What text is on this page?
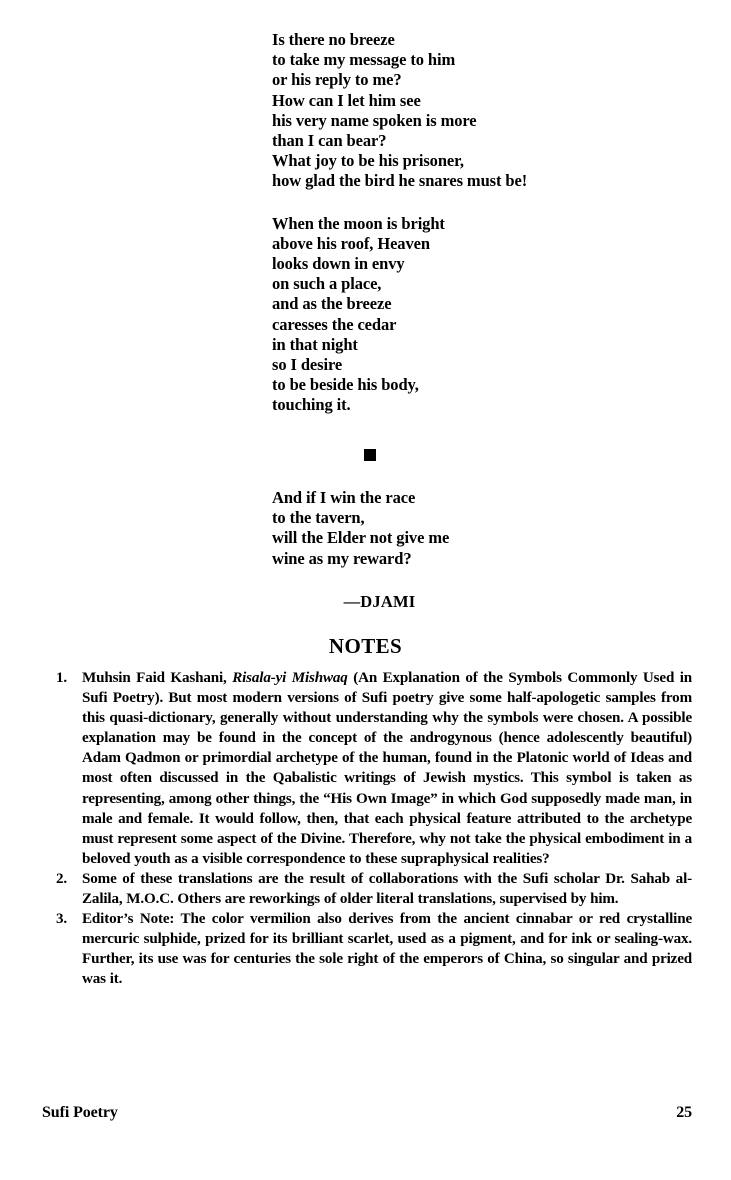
Is there no breeze
to take my message to him
or his reply to me?
How can I let him see
his very name spoken is more
than I can bear?
What joy to be his prisoner,
how glad the bird he snares must be!
When the moon is bright
above his roof, Heaven
looks down in envy
on such a place,
and as the breeze
caresses the cedar
in that night
so I desire
to be beside his body,
touching it.
And if I win the race
to the tavern,
will the Elder not give me
wine as my reward?
—DJAMI
NOTES
1. Muhsin Faid Kashani, Risala-yi Mishwaq (An Explanation of the Symbols Commonly Used in Sufi Poetry). But most modern versions of Sufi poetry give some half-apologetic samples from this quasi-dictionary, generally without understanding why the symbols were chosen. A possible explanation may be found in the concept of the androgynous (hence adolescently beautiful) Adam Qadmon or primordial archetype of the human, found in the Platonic world of Ideas and most often discussed in the Qabalistic writings of Jewish mystics. This symbol is taken as representing, among other things, the “His Own Image” in which God supposedly made man, in male and female. It would follow, then, that each physical feature attributed to the archetype must represent some aspect of the Divine. Therefore, why not take the physical embodiment in a beloved youth as a visible correspondence to these supraphysical realities?
2. Some of these translations are the result of collaborations with the Sufi scholar Dr. Sahab al-Zalila, M.O.C. Others are reworkings of older literal translations, supervised by him.
3. Editor’s Note: The color vermilion also derives from the ancient cinnabar or red crystalline mercuric sulphide, prized for its brilliant scarlet, used as a pigment, and for ink or sealing-wax. Further, its use was for centuries the sole right of the emperors of China, so singular and prized was it.
Sufi Poetry	25
